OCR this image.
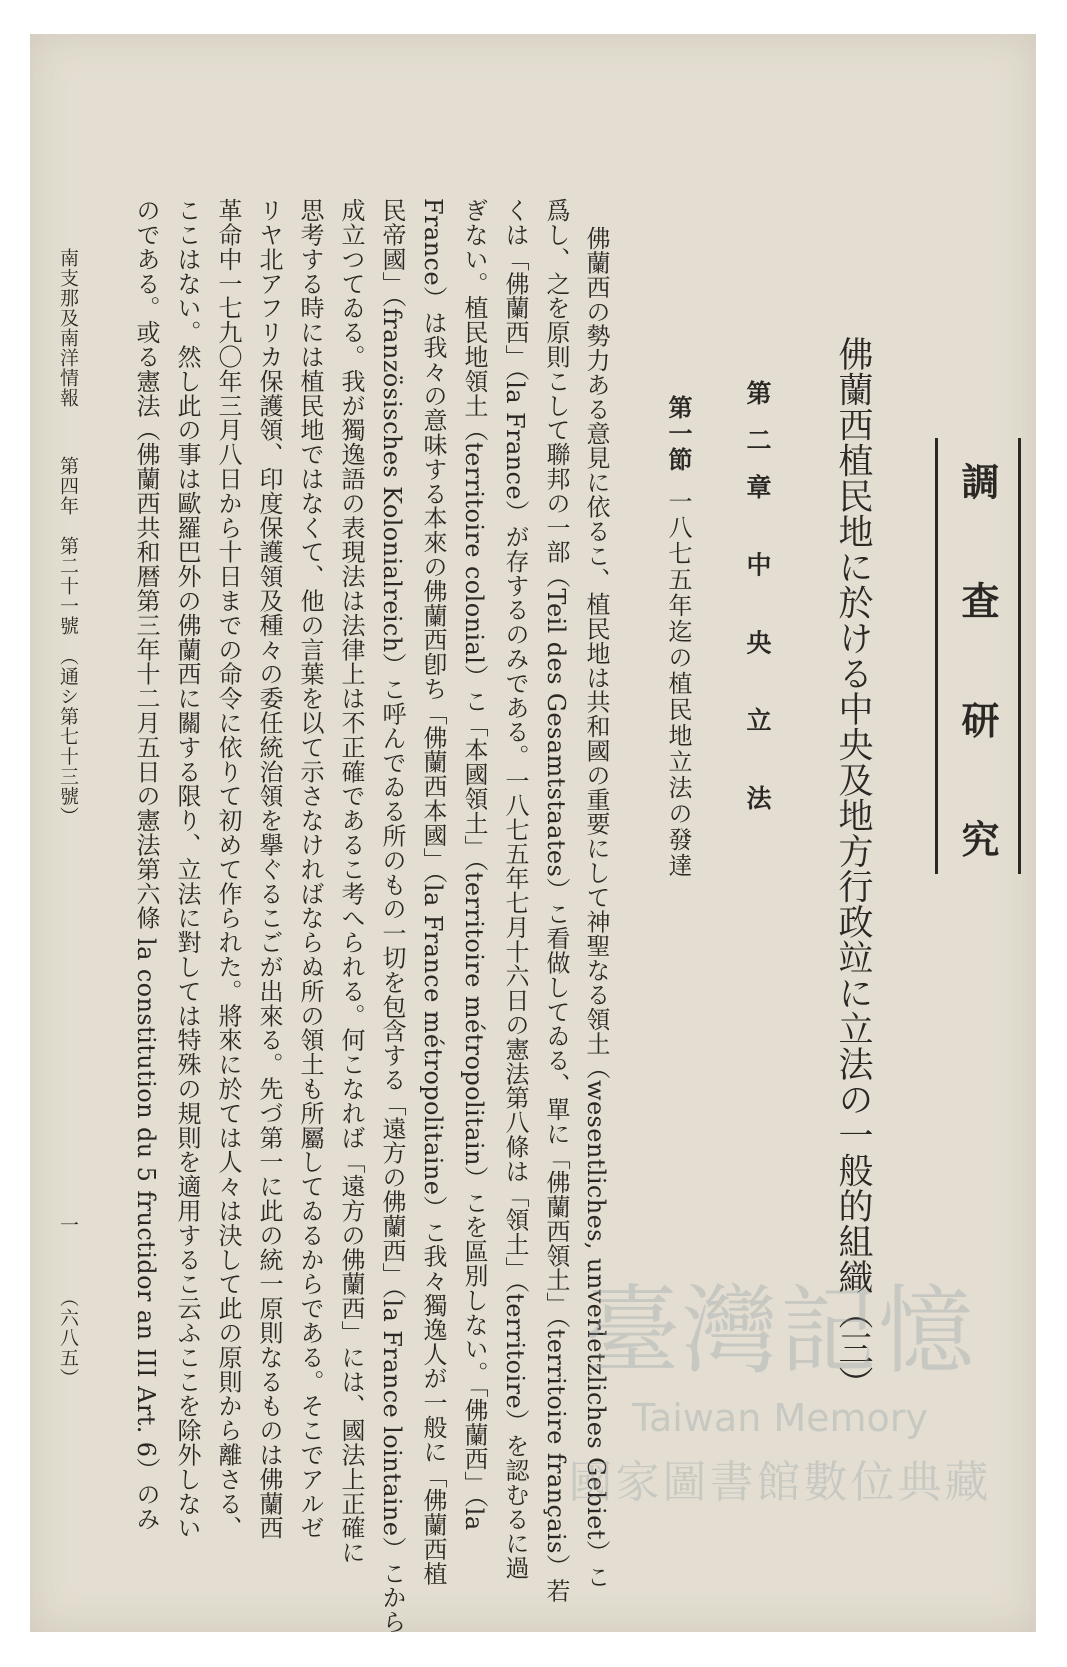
調 査 研 究
佛蘭西植民地に於ける中央及地方行政竝に立法の一般的組織（三）
第二章 中 央 立 法
第一節一八七五年迄の植民地立法の發達
佛蘭西の勢力ある意見に依るこ、植民地は共和國の重要にして神聖なる領土（wesentliches, unverletzliches Gebiet）こ
爲し、之を原則こして聯邦の一部（Teil des Gesamtstaates）こ看做してゐる、單に「佛蘭西領土」（territoire français）若
くは「佛蘭西」（la France）が存するのみである。一八七五年七月十六日の憲法第八條は「領土」（territoire）を認むるに過
ぎない。植民地領土（territoire colonial）こ「本國領土」（territoire métropolitain）こを區別しない。「佛蘭西」（la
France）は我々の意味する本來の佛蘭西卽ち「佛蘭西本國」（la France métropolitaine）こ我々獨逸人が一般に「佛蘭西植
民帝國」（französisches Kolonialreich）こ呼んでゐる所のもの一切を包含する「遠方の佛蘭西」（la France lointaine）こから
成立つてゐる。我が獨逸語の表現法は法律上は不正確であるこ考へられる。何こなれば「遠方の佛蘭西」には、國法上正確に
思考する時には植民地ではなくて、他の言葉を以て示さなければならぬ所の領土も所屬してゐるからである。そこでアルゼ
リヤ北アフリカ保護領、印度保護領及種々の委任統治領を擧ぐるこごが出來る。先づ第一に此の統一原則なるものは佛蘭西
革命中一七九〇年三月八日から十日までの命令に依りて初めて作られた。將來に於ては人々は決して此の原則から離さる、
ここはない。然し此の事は歐羅巴外の佛蘭西に關する限り、立法に對しては特殊の規則を適用するこ云ふここを除外しない
のである。或る憲法（佛蘭西共和暦第三年十二月五日の憲法第六條 la constitution du 5 fructidor an III Art. 6）のみ
南支那及南洋情報
第四年　第二十一號　（通シ第七十三號）
一
（六八五）	臺灣記憶
Taiwan Memory
國家圖書館數位典藏
